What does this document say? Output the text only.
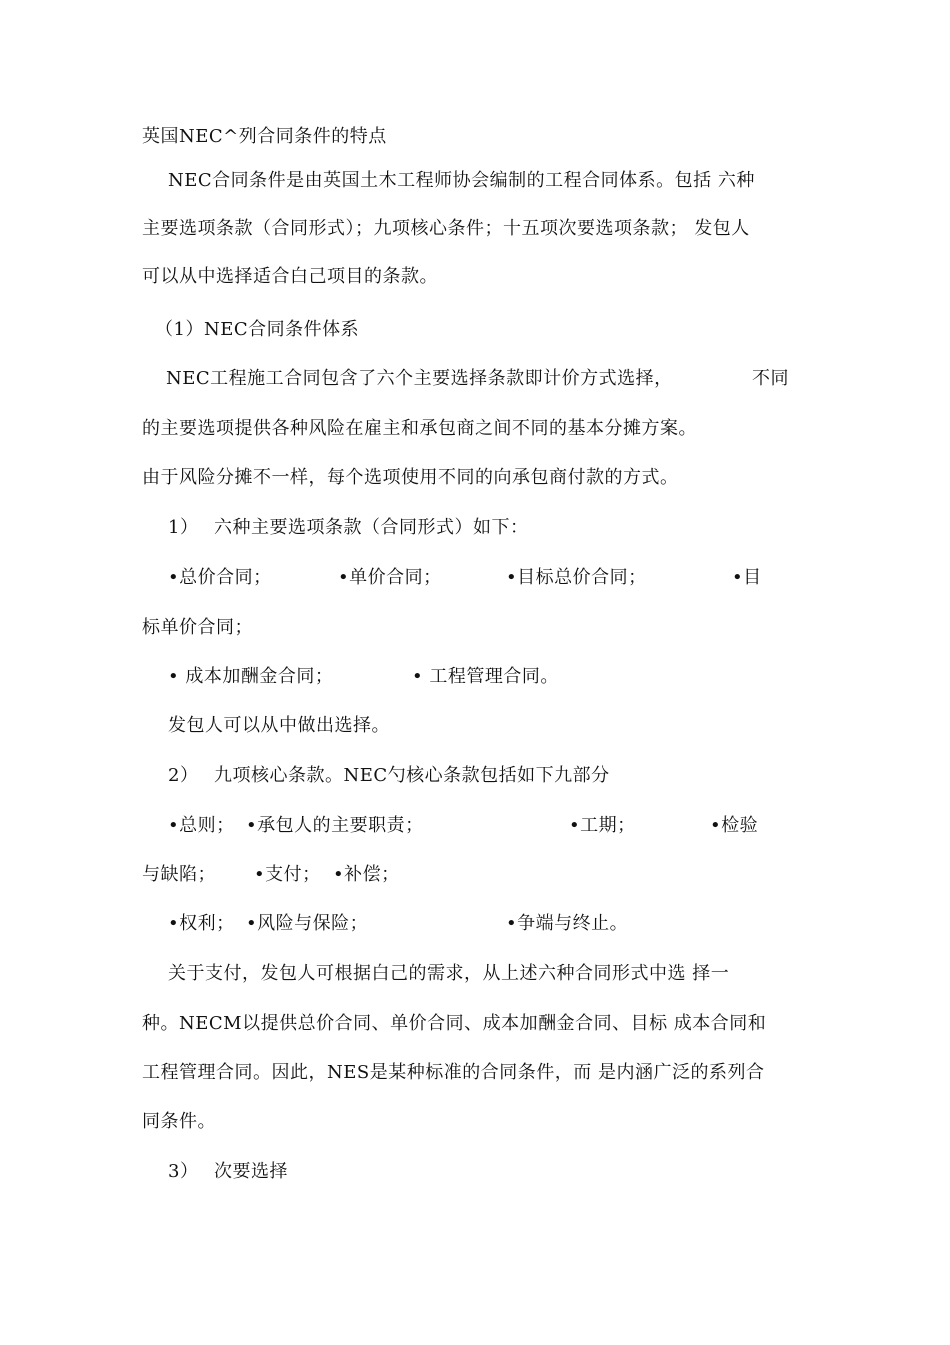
英国NEC^列合同条件的特点
NEC合同条件是由英国土木工程师协会编制的工程合同体系。包括 六种
主要选项条款（合同形式）；九项核心条件；十五项次要选项条款； 发包人
可以从中选择适合白己项目的条款。
（1）NEC合同条件体系
NEC工程施工合同包含了六个主要选择条款即计价方式选择，	不同
的主要选项提供各种风险在雇主和承包商之间不同的基本分摊方案。
由于风险分摊不一样，每个选项使用不同的向承包商付款的方式。
1） 六种主要选项条款（合同形式）如下：
•总价合同；	•单价合同；	•目标总价合同；	•目
标单价合同；
• 成本加酬金合同；	• 工程管理合同。
发包人可以从中做出选择。
2） 九项核心条款。NEC勺核心条款包括如下九部分
•总则； •承包人的主要职责；	•工期；	•检验
与缺陷； •支付； •补偿；
•权利； •风险与保险；	•争端与终止。
关于支付，发包人可根据白己的需求，从上述六种合同形式中选 择一
种。NECM以提供总价合同、单价合同、成本加酬金合同、目标 成本合同和
工程管理合同。因此，NES是某种标准的合同条件，而 是内涵广泛的系列合
同条件。
3） 次要选择
